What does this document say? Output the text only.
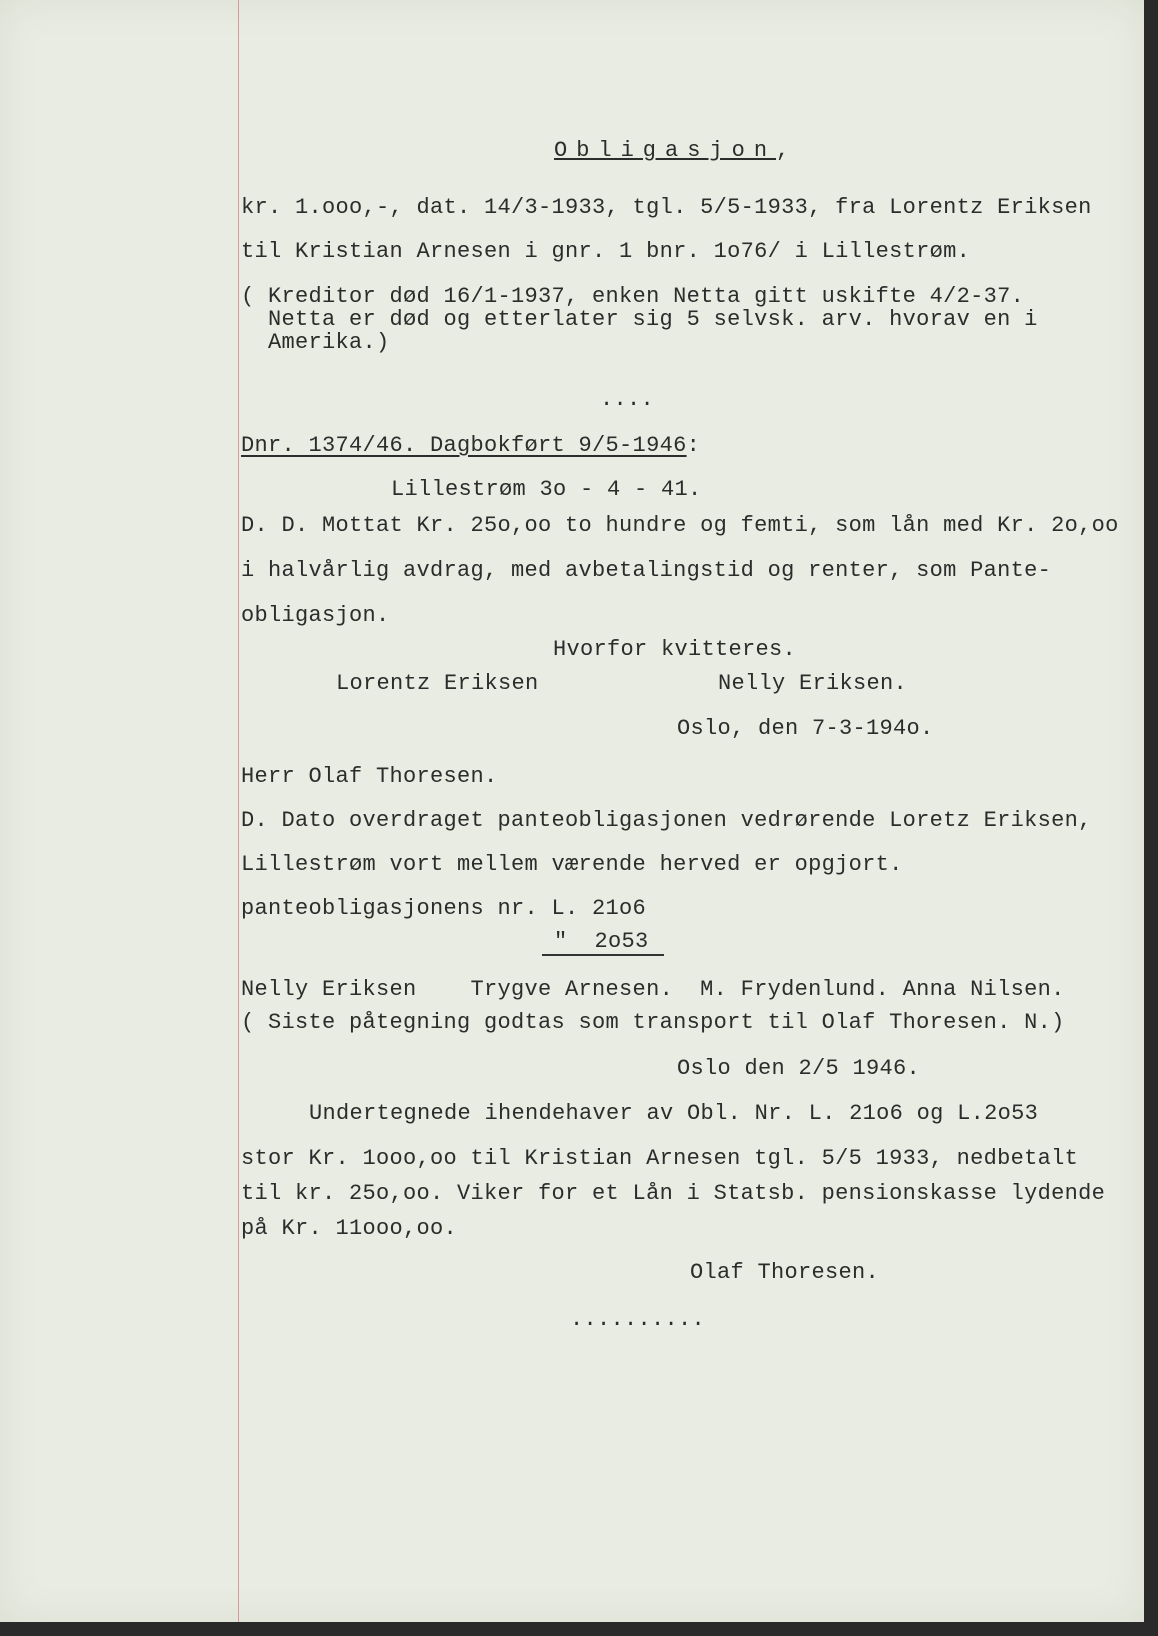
Obligasjon,
kr. 1.ooo,-, dat. 14/3-1933, tgl. 5/5-1933, fra Lorentz Eriksen
til Kristian Arnesen i gnr. 1 bnr. 1o76/ i Lillestrøm.
( Kreditor død 16/1-1937, enken Netta gitt uskifte 4/2-37.
Netta er død og etterlater sig 5 selvsk. arv. hvorav en i
Amerika.)
....
Dnr. 1374/46. Dagbokført 9/5-1946:
Lillestrøm 3o - 4 - 41.
D. D. Mottat Kr. 25o,oo to hundre og femti, som lån med Kr. 2o,oo
i halvårlig avdrag, med avbetalingstid og renter, som Pante-
obligasjon.
Hvorfor kvitteres.
Lorentz Eriksen	Nelly Eriksen.
Oslo, den 7-3-194o.
Herr Olaf Thoresen.
D. Dato overdraget panteobligasjonen vedrørende Loretz Eriksen,
Lillestrøm vort mellem værende herved er opgjort.
panteobligasjonens nr. L. 21o6
"  2o53
Nelly Eriksen    Trygve Arnesen.  M. Frydenlund. Anna Nilsen.
( Siste påtegning godtas som transport til Olaf Thoresen. N.)
Oslo den 2/5 1946.
Undertegnede ihendehaver av Obl. Nr. L. 21o6 og L.2o53
stor Kr. 1ooo,oo til Kristian Arnesen tgl. 5/5 1933, nedbetalt
til kr. 25o,oo. Viker for et Lån i Statsb. pensionskasse lydende
på Kr. 11ooo,oo.
Olaf Thoresen.
..........
